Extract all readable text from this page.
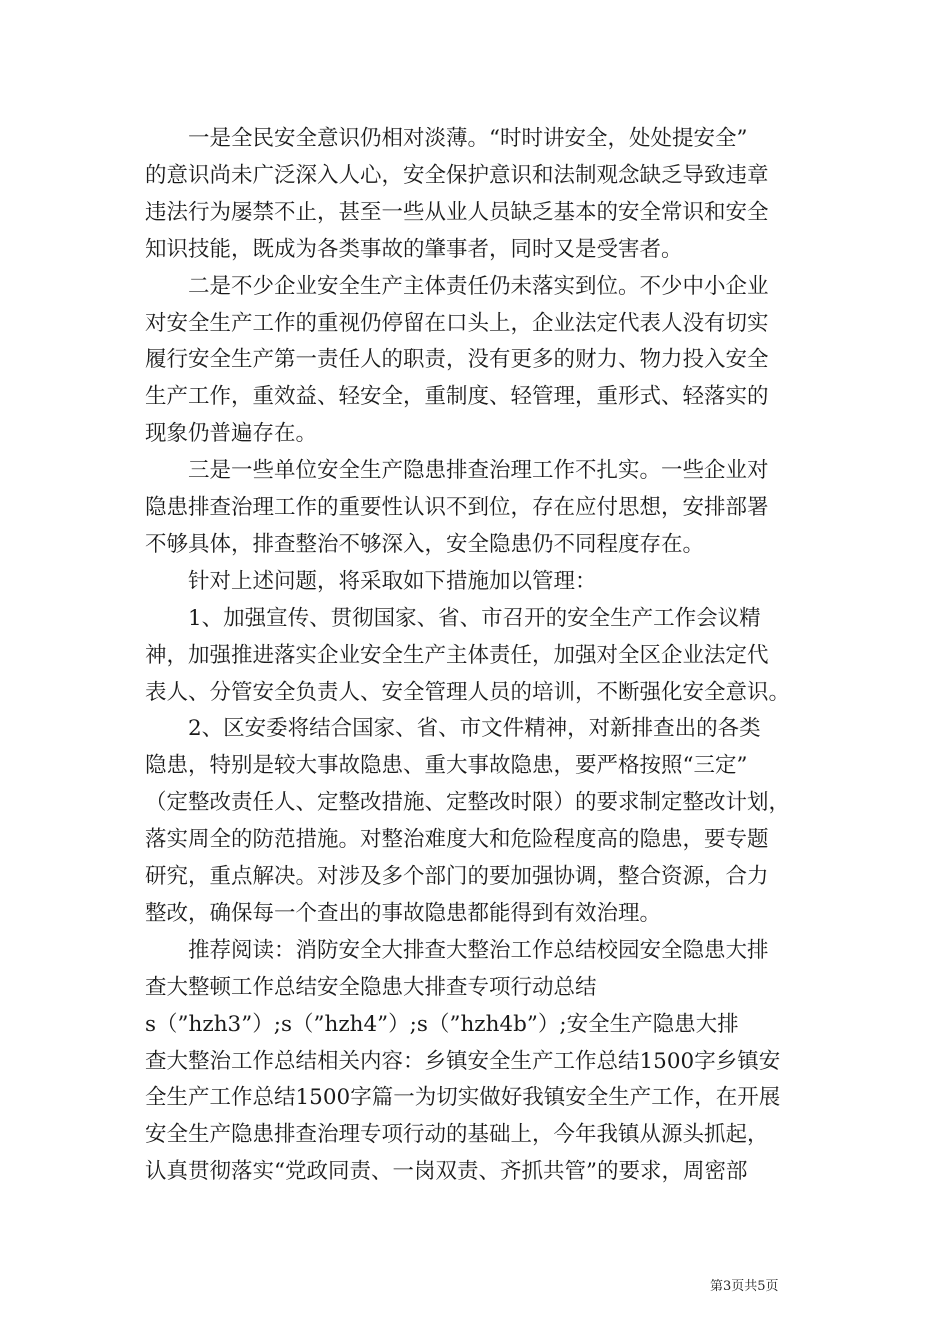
　　一是全民安全意识仍相对淡薄。“时时讲安全，处处提安全”
的意识尚未广泛深入人心，安全保护意识和法制观念缺乏导致违章
违法行为屡禁不止，甚至一些从业人员缺乏基本的安全常识和安全
知识技能，既成为各类事故的肇事者，同时又是受害者。
　　二是不少企业安全生产主体责任仍未落实到位。不少中小企业
对安全生产工作的重视仍停留在口头上，企业法定代表人没有切实
履行安全生产第一责任人的职责，没有更多的财力、物力投入安全
生产工作，重效益、轻安全，重制度、轻管理，重形式、轻落实的
现象仍普遍存在。
　　三是一些单位安全生产隐患排查治理工作不扎实。一些企业对
隐患排查治理工作的重要性认识不到位，存在应付思想，安排部署
不够具体，排查整治不够深入，安全隐患仍不同程度存在。
　　针对上述问题，将采取如下措施加以管理：
　　1、加强宣传、贯彻国家、省、市召开的安全生产工作会议精
神，加强推进落实企业安全生产主体责任，加强对全区企业法定代
表人、分管安全负责人、安全管理人员的培训，不断强化安全意识。
　　2、区安委将结合国家、省、市文件精神，对新排查出的各类
隐患，特别是较大事故隐患、重大事故隐患，要严格按照“三定”
（定整改责任人、定整改措施、定整改时限）的要求制定整改计划，
落实周全的防范措施。对整治难度大和危险程度高的隐患，要专题
研究，重点解决。对涉及多个部门的要加强协调，整合资源，合力
整改，确保每一个查出的事故隐患都能得到有效治理。
　　推荐阅读：消防安全大排查大整治工作总结校园安全隐患大排
查大整顿工作总结安全隐患大排查专项行动总结
s（”hzh3”）;s（”hzh4”）;s（”hzh4b”）;安全生产隐患大排
查大整治工作总结相关内容：乡镇安全生产工作总结1500字乡镇安
全生产工作总结1500字篇一为切实做好我镇安全生产工作，在开展
安全生产隐患排查治理专项行动的基础上，今年我镇从源头抓起，
认真贯彻落实“党政同责、一岗双责、齐抓共管”的要求，周密部
第3页共5页
